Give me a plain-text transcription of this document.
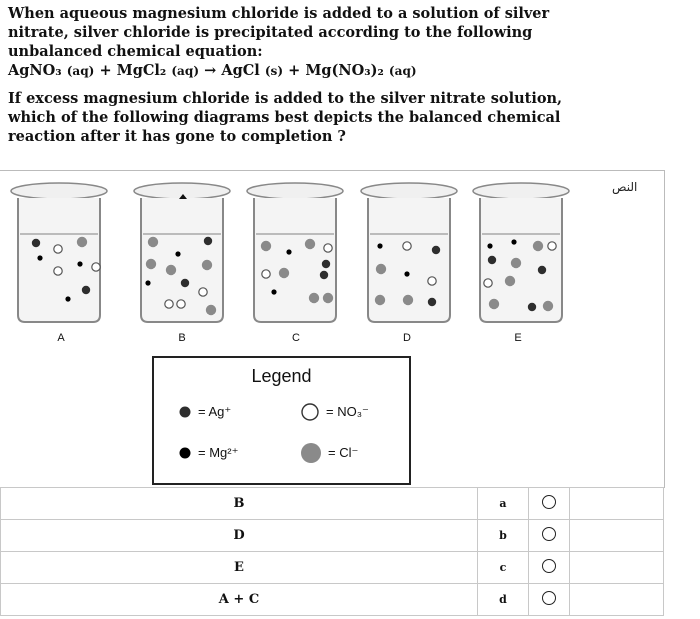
When aqueous magnesium chloride is added to a solution of silver nitrate, silver chloride is precipitated according to the following unbalanced chemical equation:

AgNO₃ (aq) + MgCl₂ (aq) → AgCl (s) + Mg(NO₃)₂ (aq)

If excess magnesium chloride is added to the silver nitrate solution, which of the following diagrams best depicts the balanced chemical reaction after it has gone to completion ?

النص
A	B	C	D	E
Legend
= Ag⁺	= NO₃⁻
= Mg²⁺	= Cl⁻
B	a		
D	b		
E	c		
A + C	d		
